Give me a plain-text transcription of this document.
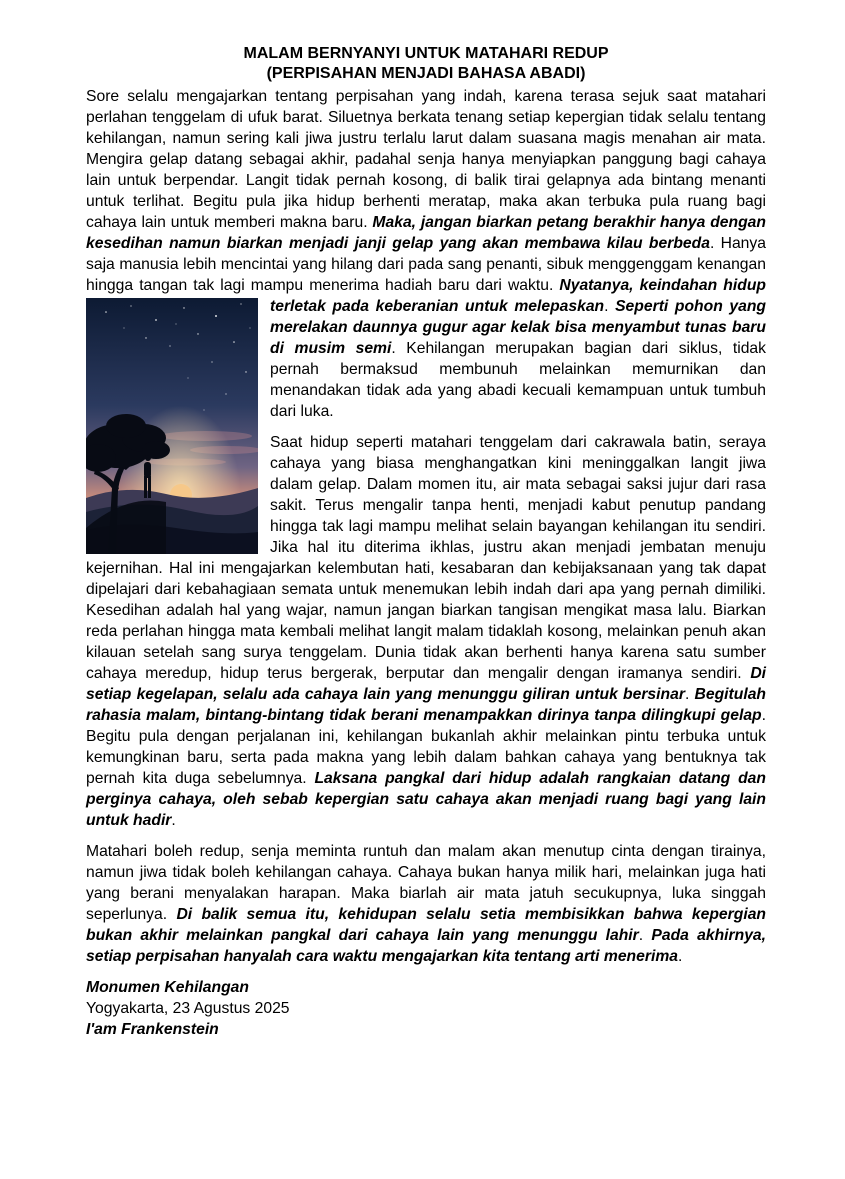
MALAM BERNYANYI UNTUK MATAHARI REDUP
(PERPISAHAN MENJADI BAHASA ABADI)

Sore selalu mengajarkan tentang perpisahan yang indah, karena terasa sejuk saat matahari perlahan tenggelam di ufuk barat. Siluetnya berkata tenang setiap kepergian tidak selalu tentang kehilangan, namun sering kali jiwa justru terlalu larut dalam suasana magis menahan air mata. Mengira gelap datang sebagai akhir, padahal senja hanya menyiapkan panggung bagi cahaya lain untuk berpendar. Langit tidak pernah kosong, di balik tirai gelapnya ada bintang menanti untuk terlihat. Begitu pula jika hidup berhenti meratap, maka akan terbuka pula ruang bagi cahaya lain untuk memberi makna baru. Maka, jangan biarkan petang berakhir hanya dengan kesedihan namun biarkan menjadi janji gelap yang akan membawa kilau berbeda. Hanya saja manusia lebih mencintai yang hilang dari pada sang penanti, sibuk menggenggam kenangan hingga tangan tak lagi mampu menerima hadiah baru dari waktu. Nyatanya, keindahan hidup terletak pada keberanian untuk melepaskan.
Seperti pohon yang merelakan daunnya gugur agar kelak bisa menyambut tunas baru di musim semi. Kehilangan merupakan bagian dari siklus, tidak pernah bermaksud membunuh melainkan memurnikan dan menandakan tidak ada yang abadi kecuali kemampuan untuk tumbuh dari luka.

Saat hidup seperti matahari tenggelam dari cakrawala batin, seraya cahaya yang biasa menghangatkan kini meninggalkan langit jiwa dalam gelap. Dalam momen itu, air mata sebagai saksi jujur dari rasa sakit. Terus mengalir tanpa henti, menjadi kabut penutup pandang hingga tak lagi mampu melihat selain bayangan kehilangan itu sendiri. Jika hal itu diterima ikhlas, justru akan menjadi jembatan menuju kejernihan. Hal ini mengajarkan kelembutan hati, kesabaran dan kebijaksanaan yang tak dapat dipelajari dari kebahagiaan semata untuk menemukan lebih indah dari apa yang pernah dimiliki. Kesedihan adalah hal yang wajar, namun jangan biarkan tangisan mengikat masa lalu. Biarkan reda perlahan hingga mata kembali melihat langit malam tidaklah kosong, melainkan penuh akan kilauan setelah sang surya tenggelam. Dunia tidak akan berhenti hanya karena satu sumber cahaya meredup, hidup terus bergerak, berputar dan mengalir dengan iramanya sendiri. Di setiap kegelapan, selalu ada cahaya lain yang menunggu giliran untuk bersinar. Begitulah rahasia malam, bintang-bintang tidak berani menampakkan dirinya tanpa dilingkupi gelap. Begitu pula dengan perjalanan ini, kehilangan bukanlah akhir melainkan pintu terbuka untuk kemungkinan baru, serta pada makna yang lebih dalam bahkan cahaya yang bentuknya tak pernah kita duga sebelumnya. Laksana pangkal dari hidup adalah rangkaian datang dan perginya cahaya, oleh sebab kepergian satu cahaya akan menjadi ruang bagi yang lain untuk hadir.

Matahari boleh redup, senja meminta runtuh dan malam akan menutup cinta dengan tirainya, namun jiwa tidak boleh kehilangan cahaya. Cahaya bukan hanya milik hari, melainkan juga hati yang berani menyalakan harapan. Maka biarlah air mata jatuh secukupnya, luka singgah seperlunya. Di balik semua itu, kehidupan selalu setia membisikkan bahwa kepergian bukan akhir melainkan pangkal dari cahaya lain yang menunggu lahir. Pada akhirnya, setiap perpisahan hanyalah cara waktu mengajarkan kita tentang arti menerima.

Monumen Kehilangan
Yogyakarta, 23 Agustus 2025
I'am Frankenstein
